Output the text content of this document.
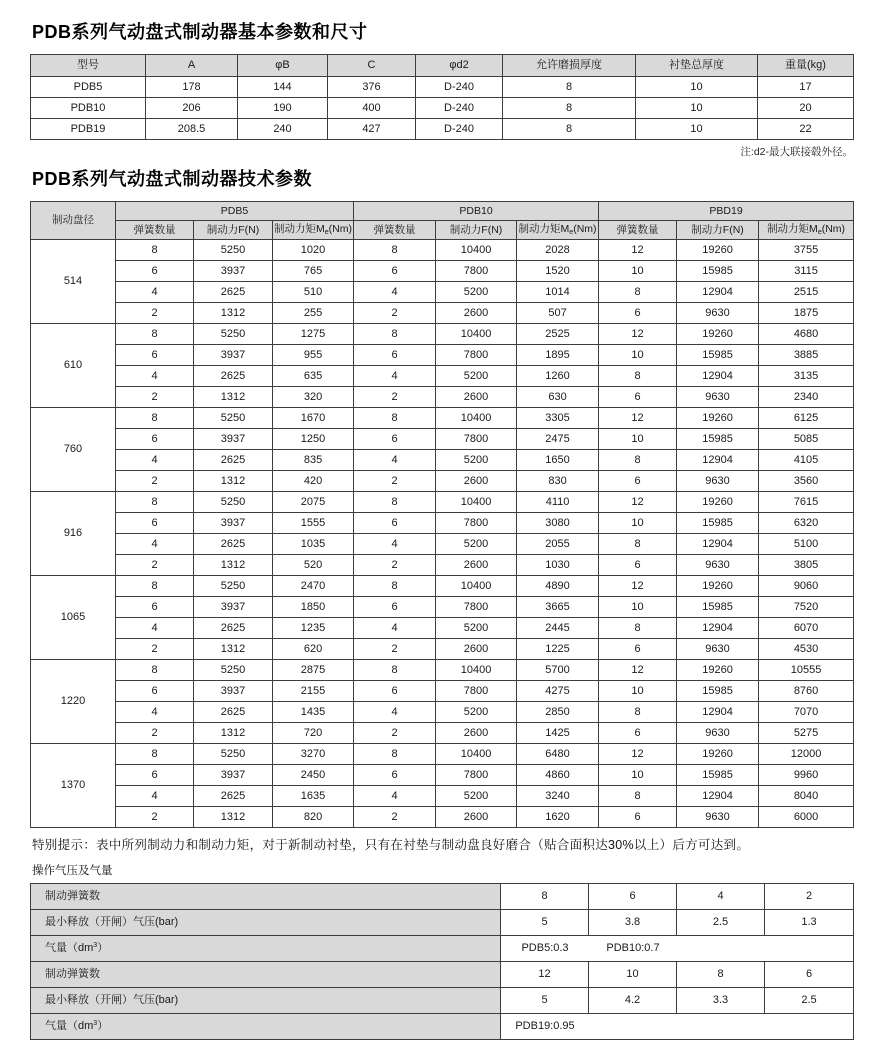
PDB系列气动盘式制动器基本参数和尺寸
型号	A	φB	C	φd2	允许磨损厚度	衬垫总厚度	重量(kg)
PDB5	178	144	376	D-240	8	10	17
PDB10	206	190	400	D-240	8	10	20
PDB19	208.5	240	427	D-240	8	10	22
注:d2-最大联接毂外径。
PDB系列气动盘式制动器技术参数
制动盘径	PDB5			PDB10			PBD19		
	弹簧数量	制动力F(N)	制动力矩$M_e(Nm)$	弹簧数量	制动力F(N)	制动力矩$M_e(Nm)$	弹簧数量	制动力F(N)	制动力矩$M_e(Nm)$
514	8	5250	1020	8	10400	2028	12	19260	3755
	6	3937	765	6	7800	1520	10	15985	3115
	4	2625	510	4	5200	1014	8	12904	2515
	2	1312	255	2	2600	507	6	9630	1875
610	8	5250	1275	8	10400	2525	12	19260	4680
	6	3937	955	6	7800	1895	10	15985	3885
	4	2625	635	4	5200	1260	8	12904	3135
	2	1312	320	2	2600	630	6	9630	2340
760	8	5250	1670	8	10400	3305	12	19260	6125
	6	3937	1250	6	7800	2475	10	15985	5085
	4	2625	835	4	5200	1650	8	12904	4105
	2	1312	420	2	2600	830	6	9630	3560
916	8	5250	2075	8	10400	4110	12	19260	7615
	6	3937	1555	6	7800	3080	10	15985	6320
	4	2625	1035	4	5200	2055	8	12904	5100
	2	1312	520	2	2600	1030	6	9630	3805
1065	8	5250	2470	8	10400	4890	12	19260	9060
	6	3937	1850	6	7800	3665	10	15985	7520
	4	2625	1235	4	5200	2445	8	12904	6070
	2	1312	620	2	2600	1225	6	9630	4530
1220	8	5250	2875	8	10400	5700	12	19260	10555
	6	3937	2155	6	7800	4275	10	15985	8760
	4	2625	1435	4	5200	2850	8	12904	7070
	2	1312	720	2	2600	1425	6	9630	5275
1370	8	5250	3270	8	10400	6480	12	19260	12000
	6	3937	2450	6	7800	4860	10	15985	9960
	4	2625	1635	4	5200	3240	8	12904	8040
	2	1312	820	2	2600	1620	6	9630	6000
特别提示：表中所列制动力和制动力矩，对于新制动衬垫，只有在衬垫与制动盘良好磨合（贴合面积达30%以上）后方可达到。
操作气压及气量
制动弹簧数	8	6	4	2
最小释放（开闸）气压(bar)	5	3.8	2.5	1.3
气量$(dm^3)$	PDB5:0.3 PDB10:0.7			
制动弹簧数	12	10	8	6
最小释放（开闸）气压(bar)	5	4.2	3.3	2.5
气量$(dm^3)$	PDB19:0.95			
